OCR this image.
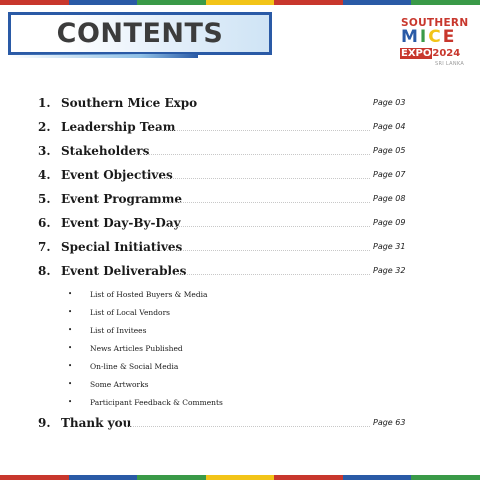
CONTENTS	SOUTHERN
MICE
EXPO2024
SRI LANKA
1. Southern Mice Expo	Page 03
2. Leadership Team	Page 04
3. Stakeholders	Page 05
4. Event Objectives	Page 07
5. Event Programme	Page 08
6. Event Day-By-Day	Page 09
7. Special Initiatives	Page 31
8. Event Deliverables	Page 32
• List of Hosted Buyers & Media
• List of Local Vendors
• List of Invitees
• News Articles Published
• On-line & Social Media
• Some Artworks
• Participant Feedback & Comments
9. Thank you	Page 63
